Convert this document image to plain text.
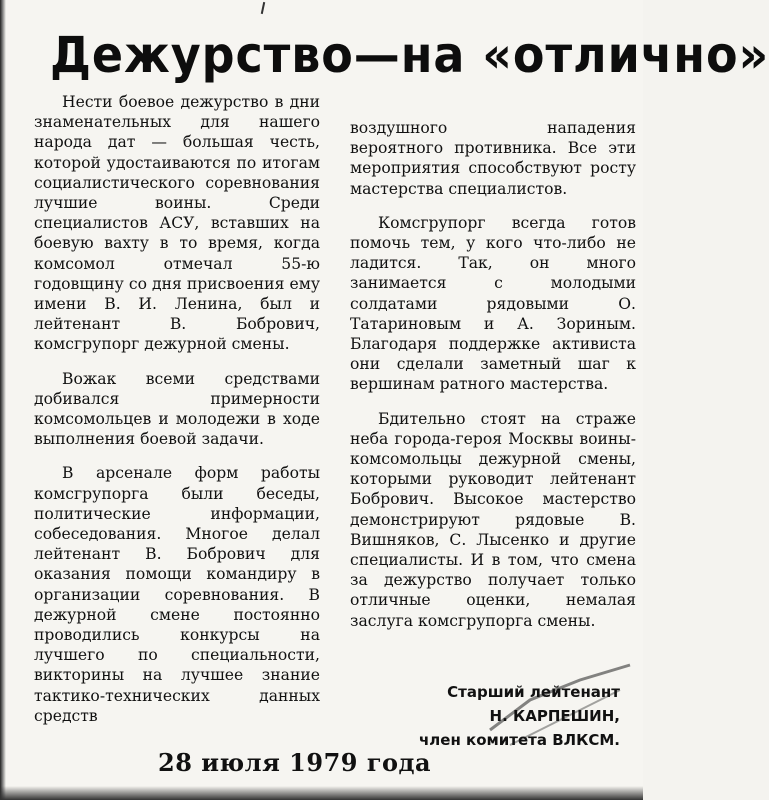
Дежурство—на «отлично»

Нести боевое дежурство в дни знаменательных для нашего народа дат — большая честь, которой удостаиваются по итогам социалистического соревнования лучшие воины. Среди специалистов АСУ, вставших на боевую вахту в то время, когда комсомол отмечал 55-ю годовщину со дня присвоения ему имени В. И. Ленина, был и лейтенант В. Бобрович, комсгрупорг дежурной смены.

Вожак всеми средствами добивался примерности комсомольцев и молодежи в ходе выполнения боевой задачи.

В арсенале форм работы комсгрупорга были беседы, политические информации, собеседования. Многое делал лейтенант В. Бобрович для оказания помощи командиру в организации соревнования. В дежурной смене постоянно проводились конкурсы на лучшего по специальности, викторины на лучшее знание тактико-технических данных средств

воздушного нападения вероятного противника. Все эти мероприятия способствуют росту мастерства специалистов.

Комсгрупорг всегда готов помочь тем, у кого что-либо не ладится. Так, он много занимается с молодыми солдатами рядовыми О. Татариновым и А. Зориным. Благодаря поддержке активиста они сделали заметный шаг к вершинам ратного мастерства.

Бдительно стоят на страже неба города-героя Москвы воины-комсомольцы дежурной смены, которыми руководит лейтенант Бобрович. Высокое мастерство демонстрируют рядовые В. Вишняков, С. Лысенко и другие специалисты. И в том, что смена за дежурство получает только отличные оценки, немалая заслуга комсгрупорга смены.

Старший лейтенант
Н. КАРПЕШИН,
член комитета ВЛКСМ.
28 июля 1979 года
